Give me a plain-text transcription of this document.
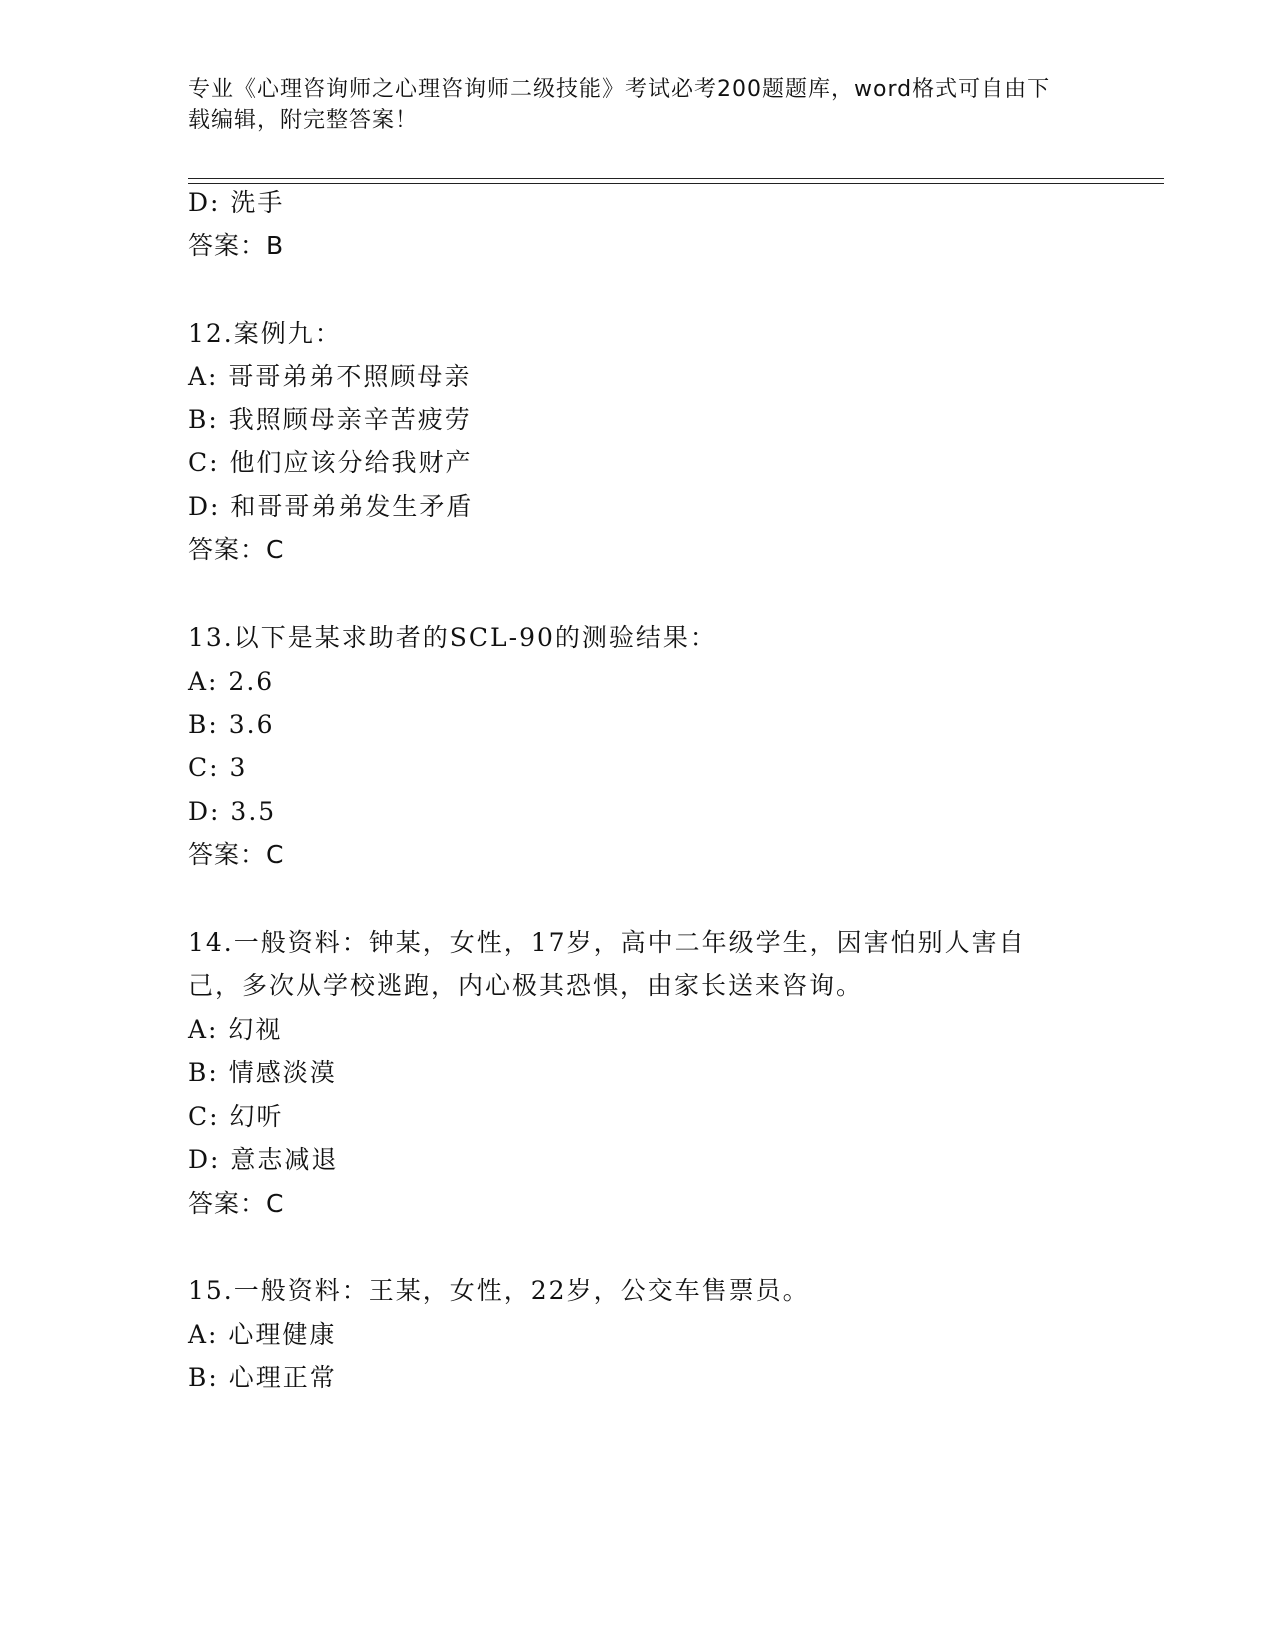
专业《心理咨询师之心理咨询师二级技能》考试必考200题题库，word格式可自由下载编辑，附完整答案！
D: 洗手
答案：B
12.案例九：
A: 哥哥弟弟不照顾母亲
B: 我照顾母亲辛苦疲劳
C: 他们应该分给我财产
D: 和哥哥弟弟发生矛盾
答案：C
13.以下是某求助者的SCL-90的测验结果：
A: 2.6
B: 3.6
C: 3
D: 3.5
答案：C
14.一般资料：钟某，女性，17岁，高中二年级学生，因害怕别人害自
己，多次从学校逃跑，内心极其恐惧，由家长送来咨询。
A: 幻视
B: 情感淡漠
C: 幻听
D: 意志减退
答案：C
15.一般资料：王某，女性，22岁，公交车售票员。
A: 心理健康
B: 心理正常
